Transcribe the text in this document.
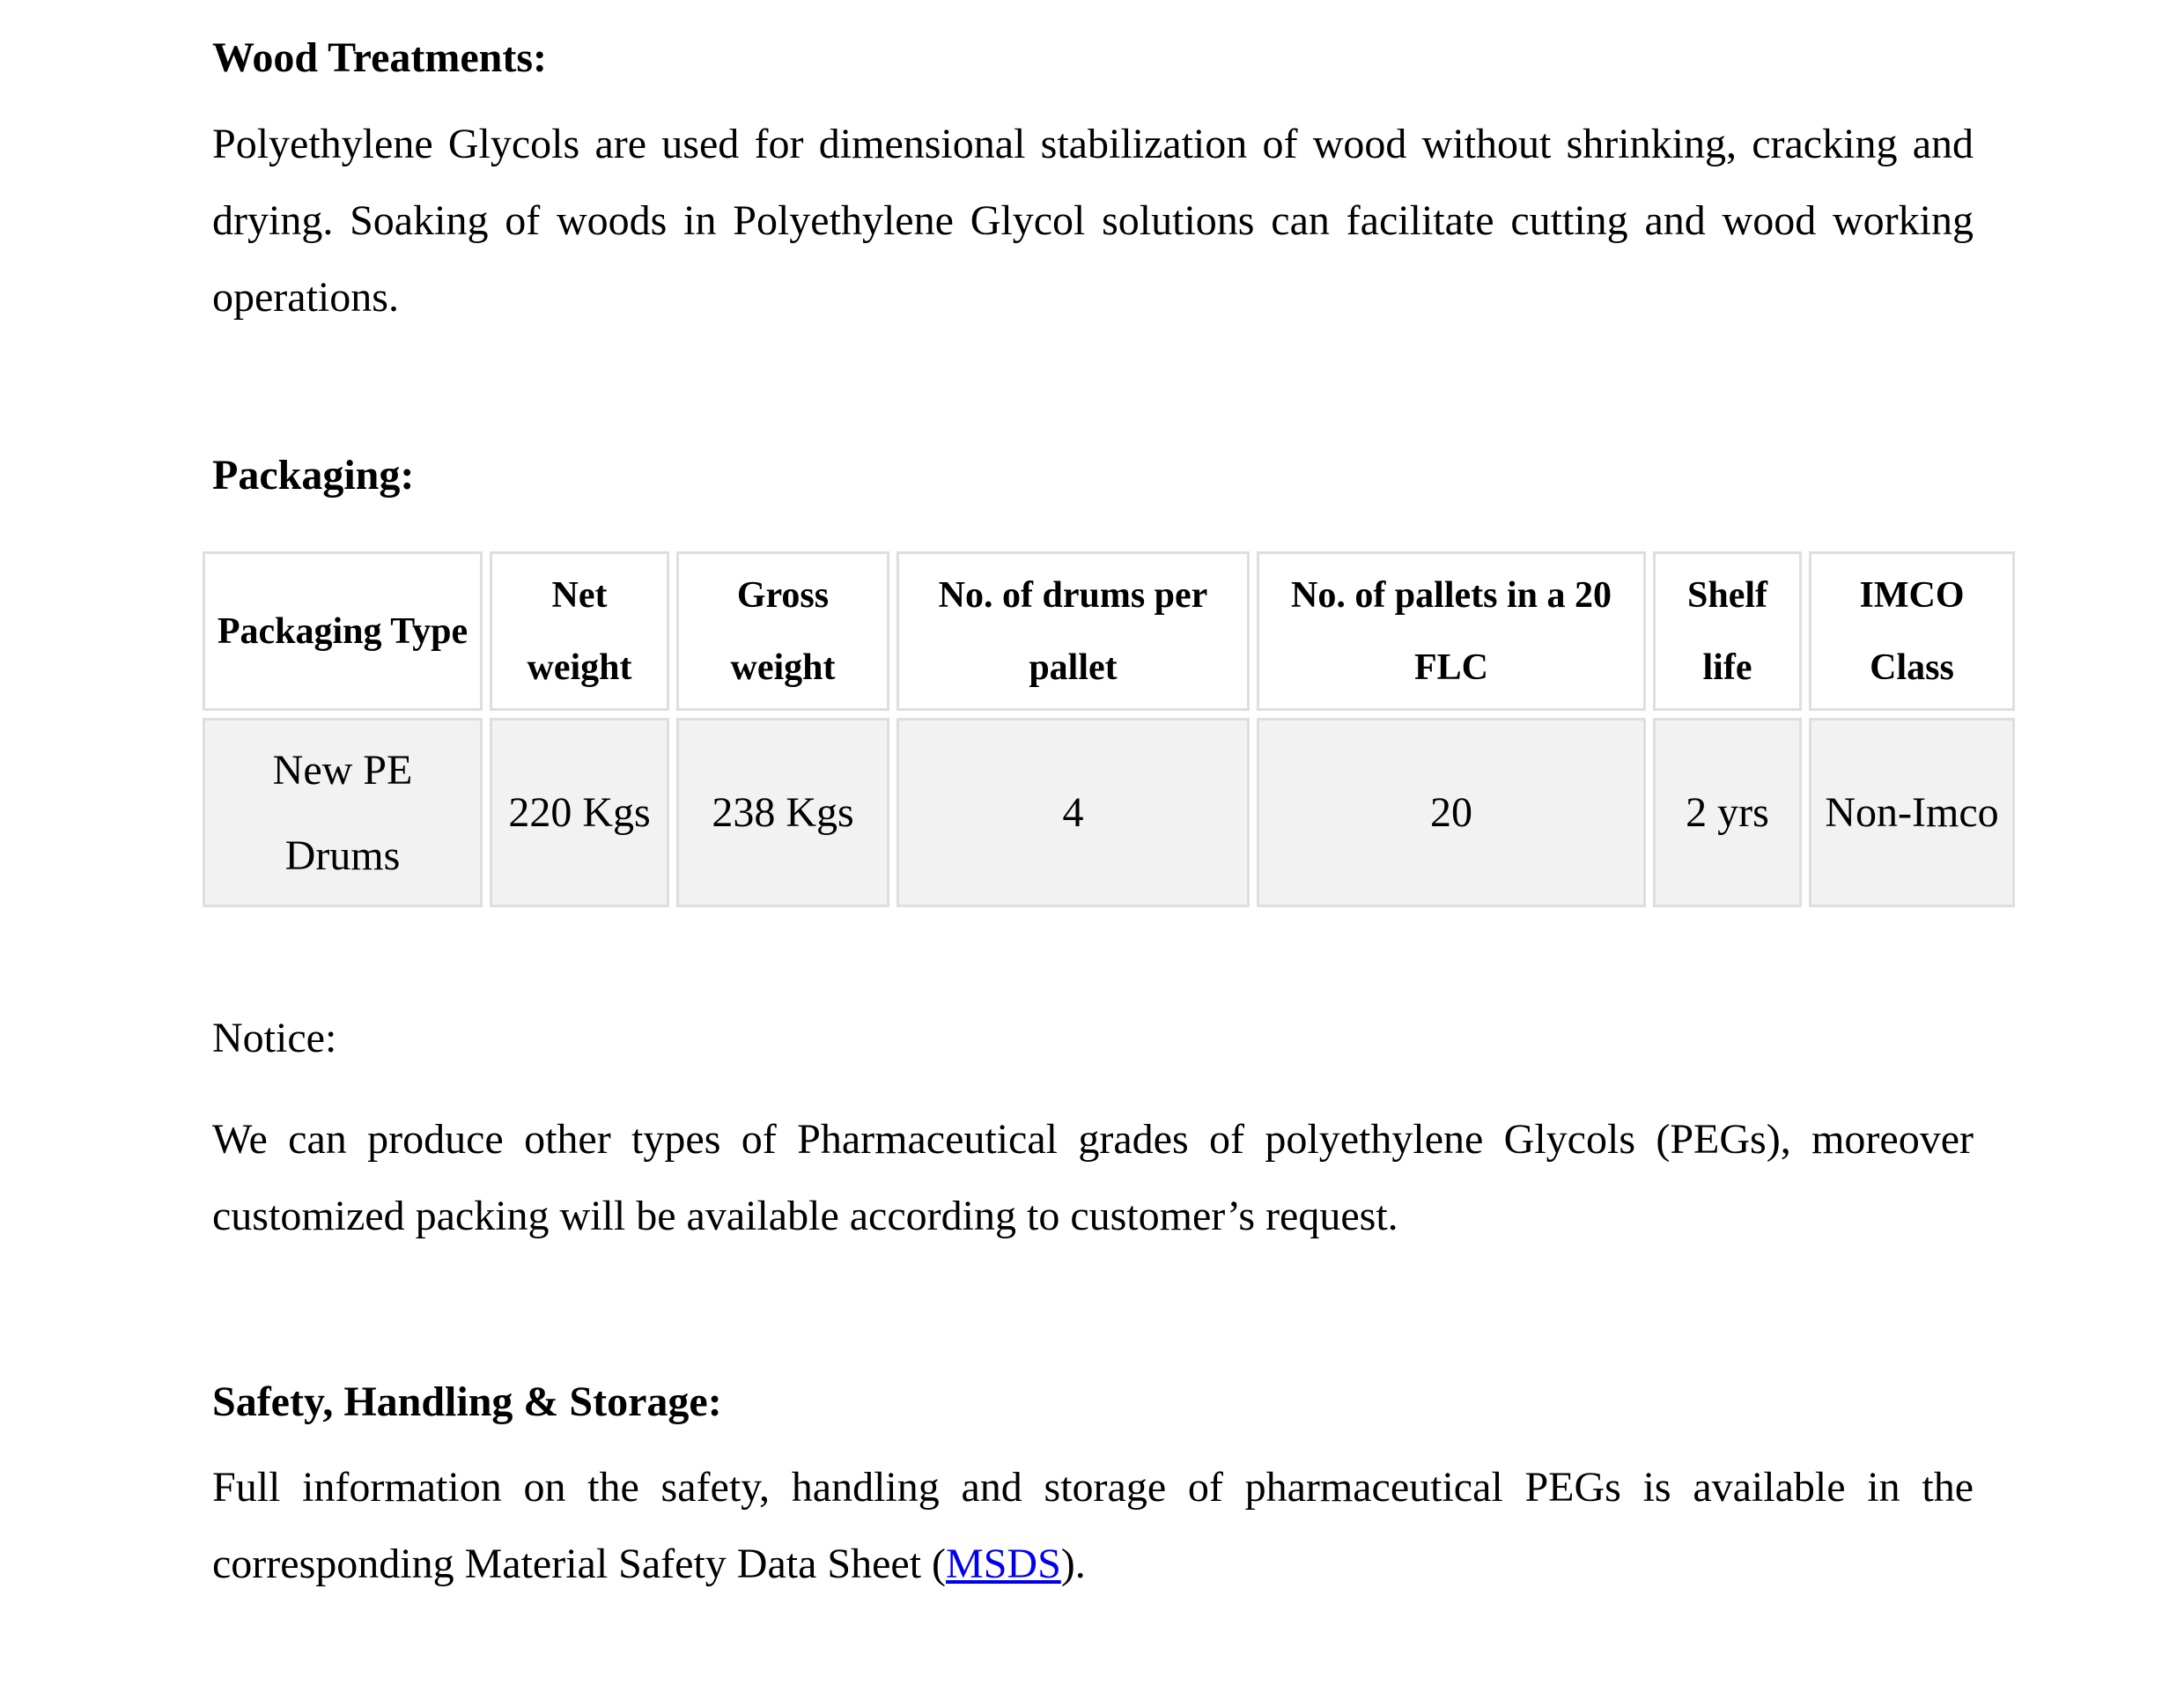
Wood Treatments:

Polyethylene Glycols are used for dimensional stabilization of wood without shrinking, cracking and drying. Soaking of woods in Polyethylene Glycol solutions can facilitate cutting and wood working operations.

Packaging:

Notice:

We can produce other types of Pharmaceutical grades of polyethylene Glycols (PEGs), moreover customized packing will be available according to customer’s request.

Safety, Handling & Storage:

Full information on the safety, handling and storage of pharmaceutical PEGs is available in the corresponding Material Safety Data Sheet (MSDS).

Packaging Type	Net weight	Gross weight	No. of drums per pallet	No. of pallets in a 20 FLC	Shelf life	IMCO Class
New PE Drums	220 Kgs	238 Kgs	4	20	2 yrs	Non-Imco
